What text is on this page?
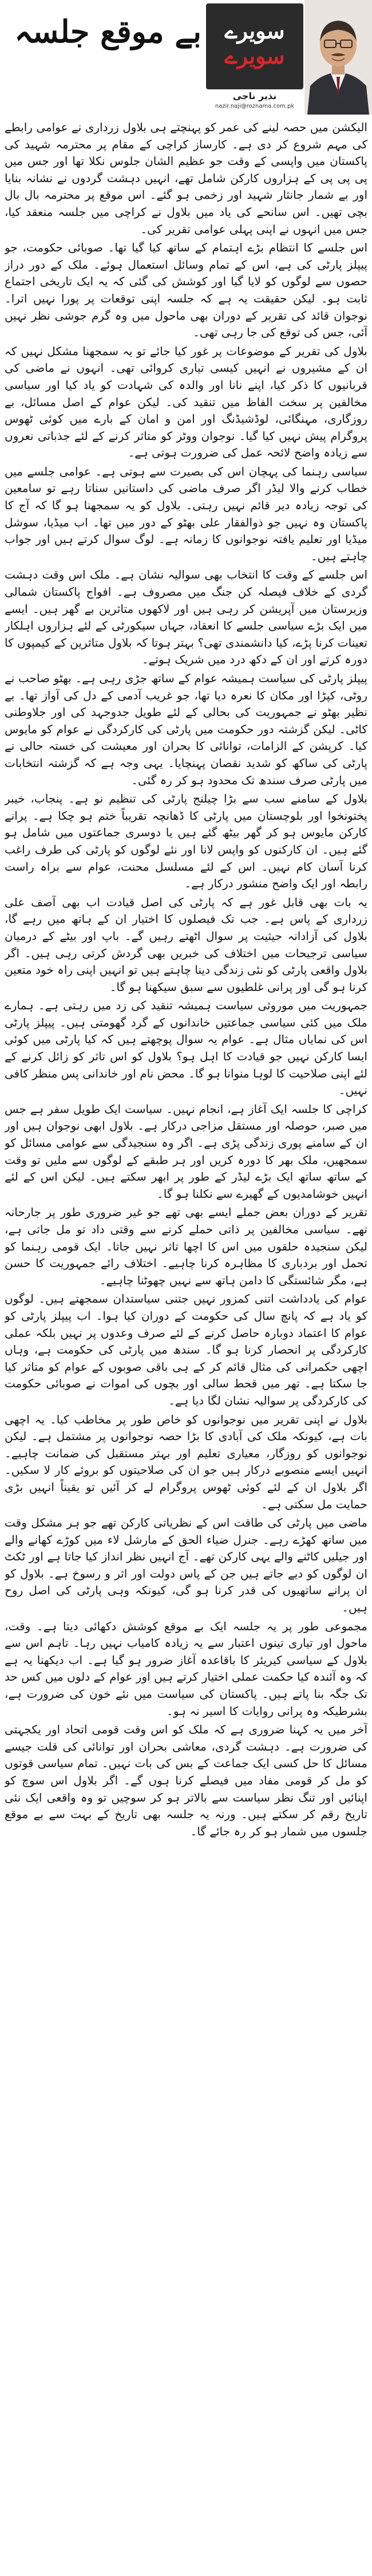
بے موقع جلسہ	سویرے
سویرے
نذیر ناجی
nazir.naji@roznama.com.pk

الیکشن میں حصہ لینے کی عمر کو پہنچتے ہی بلاول زرداری نے عوامی رابطے کی مہم شروع کر دی ہے۔ کارساز کراچی کے مقام پر محترمہ شہید کی پاکستان میں واپسی کے وقت جو عظیم الشان جلوس نکلا تھا اور جس میں پی پی پی کے ہزاروں کارکن شامل تھے، انہیں دہشت گردوں نے نشانہ بنایا اور بے شمار جانثار شہید اور زخمی ہو گئے۔ اس موقع پر محترمہ بال بال بچی تھیں۔ اس سانحے کی یاد میں بلاول نے کراچی میں جلسہ منعقد کیا، جس میں انہوں نے اپنی پہلی عوامی تقریر کی۔

اس جلسے کا انتظام بڑے اہتمام کے ساتھ کیا گیا تھا۔ صوبائی حکومت، جو پیپلز پارٹی کی ہے، اس کے تمام وسائل استعمال ہوئے۔ ملک کے دور دراز حصوں سے لوگوں کو لایا گیا اور کوشش کی گئی کہ یہ ایک تاریخی اجتماع ثابت ہو۔ لیکن حقیقت یہ ہے کہ جلسہ اپنی توقعات پر پورا نہیں اترا۔ نوجوان قائد کی تقریر کے دوران بھی ماحول میں وہ گرم جوشی نظر نہیں آئی، جس کی توقع کی جا رہی تھی۔

بلاول کی تقریر کے موضوعات پر غور کیا جائے تو یہ سمجھنا مشکل نہیں کہ ان کے مشیروں نے انہیں کیسی تیاری کروائی تھی۔ انہوں نے ماضی کی قربانیوں کا ذکر کیا، اپنے نانا اور والدہ کی شہادت کو یاد کیا اور سیاسی مخالفین پر سخت الفاظ میں تنقید کی۔ لیکن عوام کے اصل مسائل، بے روزگاری، مہنگائی، لوڈشیڈنگ اور امن و امان کے بارے میں کوئی ٹھوس پروگرام پیش نہیں کیا گیا۔ نوجوان ووٹر کو متاثر کرنے کے لئے جذباتی نعروں سے زیادہ واضح لائحہ عمل کی ضرورت ہوتی ہے۔

سیاسی رہنما کی پہچان اس کی بصیرت سے ہوتی ہے۔ عوامی جلسے میں خطاب کرنے والا لیڈر اگر صرف ماضی کی داستانیں سناتا رہے تو سامعین کی توجہ زیادہ دیر قائم نہیں رہتی۔ بلاول کو یہ سمجھنا ہو گا کہ آج کا پاکستان وہ نہیں جو ذوالفقار علی بھٹو کے دور میں تھا۔ اب میڈیا، سوشل میڈیا اور تعلیم یافتہ نوجوانوں کا زمانہ ہے۔ لوگ سوال کرتے ہیں اور جواب چاہتے ہیں۔

اس جلسے کے وقت کا انتخاب بھی سوالیہ نشان ہے۔ ملک اس وقت دہشت گردی کے خلاف فیصلہ کن جنگ میں مصروف ہے۔ افواج پاکستان شمالی وزیرستان میں آپریشن کر رہی ہیں اور لاکھوں متاثرین بے گھر ہیں۔ ایسے میں ایک بڑے سیاسی جلسے کا انعقاد، جہاں سیکورٹی کے لئے ہزاروں اہلکار تعینات کرنا پڑے، کیا دانشمندی تھی؟ بہتر ہوتا کہ بلاول متاثرین کے کیمپوں کا دورہ کرتے اور ان کے دکھ درد میں شریک ہوتے۔

پیپلز پارٹی کی سیاست ہمیشہ عوام کے ساتھ جڑی رہی ہے۔ بھٹو صاحب نے روٹی، کپڑا اور مکان کا نعرہ دیا تھا، جو غریب آدمی کے دل کی آواز تھا۔ بے نظیر بھٹو نے جمہوریت کی بحالی کے لئے طویل جدوجہد کی اور جلاوطنی کاٹی۔ لیکن گزشتہ دور حکومت میں پارٹی کی کارکردگی نے عوام کو مایوس کیا۔ کرپشن کے الزامات، توانائی کا بحران اور معیشت کی خستہ حالی نے پارٹی کی ساکھ کو شدید نقصان پہنچایا۔ یہی وجہ ہے کہ گزشتہ انتخابات میں پارٹی صرف سندھ تک محدود ہو کر رہ گئی۔

بلاول کے سامنے سب سے بڑا چیلنج پارٹی کی تنظیم نو ہے۔ پنجاب، خیبر پختونخوا اور بلوچستان میں پارٹی کا ڈھانچہ تقریباً ختم ہو چکا ہے۔ پرانے کارکن مایوس ہو کر گھر بیٹھ گئے ہیں یا دوسری جماعتوں میں شامل ہو گئے ہیں۔ ان کارکنوں کو واپس لانا اور نئے لوگوں کو پارٹی کی طرف راغب کرنا آسان کام نہیں۔ اس کے لئے مسلسل محنت، عوام سے براہ راست رابطہ اور ایک واضح منشور درکار ہے۔

یہ بات بھی قابل غور ہے کہ پارٹی کی اصل قیادت اب بھی آصف علی زرداری کے پاس ہے۔ جب تک فیصلوں کا اختیار ان کے ہاتھ میں رہے گا، بلاول کی آزادانہ حیثیت پر سوال اٹھتے رہیں گے۔ باپ اور بیٹے کے درمیان سیاسی ترجیحات میں اختلاف کی خبریں بھی گردش کرتی رہی ہیں۔ اگر بلاول واقعی پارٹی کو نئی زندگی دینا چاہتے ہیں تو انہیں اپنی راہ خود متعین کرنا ہو گی اور پرانی غلطیوں سے سبق سیکھنا ہو گا۔

جمہوریت میں موروثی سیاست ہمیشہ تنقید کی زد میں رہتی ہے۔ ہمارے ملک میں کئی سیاسی جماعتیں خاندانوں کے گرد گھومتی ہیں۔ پیپلز پارٹی اس کی نمایاں مثال ہے۔ عوام یہ سوال پوچھتے ہیں کہ کیا پارٹی میں کوئی ایسا کارکن نہیں جو قیادت کا اہل ہو؟ بلاول کو اس تاثر کو زائل کرنے کے لئے اپنی صلاحیت کا لوہا منوانا ہو گا۔ محض نام اور خاندانی پس منظر کافی نہیں۔

کراچی کا جلسہ ایک آغاز ہے، انجام نہیں۔ سیاست ایک طویل سفر ہے جس میں صبر، حوصلہ اور مستقل مزاجی درکار ہے۔ بلاول ابھی نوجوان ہیں اور ان کے سامنے پوری زندگی پڑی ہے۔ اگر وہ سنجیدگی سے عوامی مسائل کو سمجھیں، ملک بھر کا دورہ کریں اور ہر طبقے کے لوگوں سے ملیں تو وقت کے ساتھ ساتھ ایک بڑے لیڈر کے طور پر ابھر سکتے ہیں۔ لیکن اس کے لئے انہیں خوشامدیوں کے گھیرے سے نکلنا ہو گا۔

تقریر کے دوران بعض جملے ایسے بھی تھے جو غیر ضروری طور پر جارحانہ تھے۔ سیاسی مخالفین پر ذاتی حملے کرنے سے وقتی داد تو مل جاتی ہے، لیکن سنجیدہ حلقوں میں اس کا اچھا تاثر نہیں جاتا۔ ایک قومی رہنما کو تحمل اور بردباری کا مظاہرہ کرنا چاہیے۔ اختلاف رائے جمہوریت کا حسن ہے، مگر شائستگی کا دامن ہاتھ سے نہیں چھوٹنا چاہیے۔

عوام کی یادداشت اتنی کمزور نہیں جتنی سیاستدان سمجھتے ہیں۔ لوگوں کو یاد ہے کہ پانچ سال کی حکومت کے دوران کیا ہوا۔ اب پیپلز پارٹی کو عوام کا اعتماد دوبارہ حاصل کرنے کے لئے صرف وعدوں پر نہیں بلکہ عملی کارکردگی پر انحصار کرنا ہو گا۔ سندھ میں پارٹی کی حکومت ہے، وہاں اچھی حکمرانی کی مثال قائم کر کے ہی باقی صوبوں کے عوام کو متاثر کیا جا سکتا ہے۔ تھر میں قحط سالی اور بچوں کی اموات نے صوبائی حکومت کی کارکردگی پر سوالیہ نشان لگا دیا ہے۔

بلاول نے اپنی تقریر میں نوجوانوں کو خاص طور پر مخاطب کیا۔ یہ اچھی بات ہے، کیونکہ ملک کی آبادی کا بڑا حصہ نوجوانوں پر مشتمل ہے۔ لیکن نوجوانوں کو روزگار، معیاری تعلیم اور بہتر مستقبل کی ضمانت چاہیے۔ انہیں ایسے منصوبے درکار ہیں جو ان کی صلاحیتوں کو بروئے کار لا سکیں۔ اگر بلاول ان کے لئے کوئی ٹھوس پروگرام لے کر آئیں تو یقیناً انہیں بڑی حمایت مل سکتی ہے۔

ماضی میں پارٹی کی طاقت اس کے نظریاتی کارکن تھے جو ہر مشکل وقت میں ساتھ کھڑے رہے۔ جنرل ضیاء الحق کے مارشل لاء میں کوڑے کھانے والے اور جیلیں کاٹنے والے یہی کارکن تھے۔ آج انہیں نظر انداز کیا جاتا ہے اور ٹکٹ ان لوگوں کو دیے جاتے ہیں جن کے پاس دولت اور اثر و رسوخ ہے۔ بلاول کو ان پرانے ساتھیوں کی قدر کرنا ہو گی، کیونکہ وہی پارٹی کی اصل روح ہیں۔

مجموعی طور پر یہ جلسہ ایک بے موقع کوشش دکھائی دیتا ہے۔ وقت، ماحول اور تیاری تینوں اعتبار سے یہ زیادہ کامیاب نہیں رہا۔ تاہم اس سے بلاول کے سیاسی کیریئر کا باقاعدہ آغاز ضرور ہو گیا ہے۔ اب دیکھنا یہ ہے کہ وہ آئندہ کیا حکمت عملی اختیار کرتے ہیں اور عوام کے دلوں میں کس حد تک جگہ بنا پاتے ہیں۔ پاکستان کی سیاست میں نئے خون کی ضرورت ہے، بشرطیکہ وہ پرانی روایات کا اسیر نہ ہو۔

آخر میں یہ کہنا ضروری ہے کہ ملک کو اس وقت قومی اتحاد اور یکجہتی کی ضرورت ہے۔ دہشت گردی، معاشی بحران اور توانائی کی قلت جیسے مسائل کا حل کسی ایک جماعت کے بس کی بات نہیں۔ تمام سیاسی قوتوں کو مل کر قومی مفاد میں فیصلے کرنا ہوں گے۔ اگر بلاول اس سوچ کو اپنائیں اور تنگ نظر سیاست سے بالاتر ہو کر سوچیں تو وہ واقعی ایک نئی تاریخ رقم کر سکتے ہیں۔ ورنہ یہ جلسہ بھی تاریخ کے بہت سے بے موقع جلسوں میں شمار ہو کر رہ جائے گا۔
